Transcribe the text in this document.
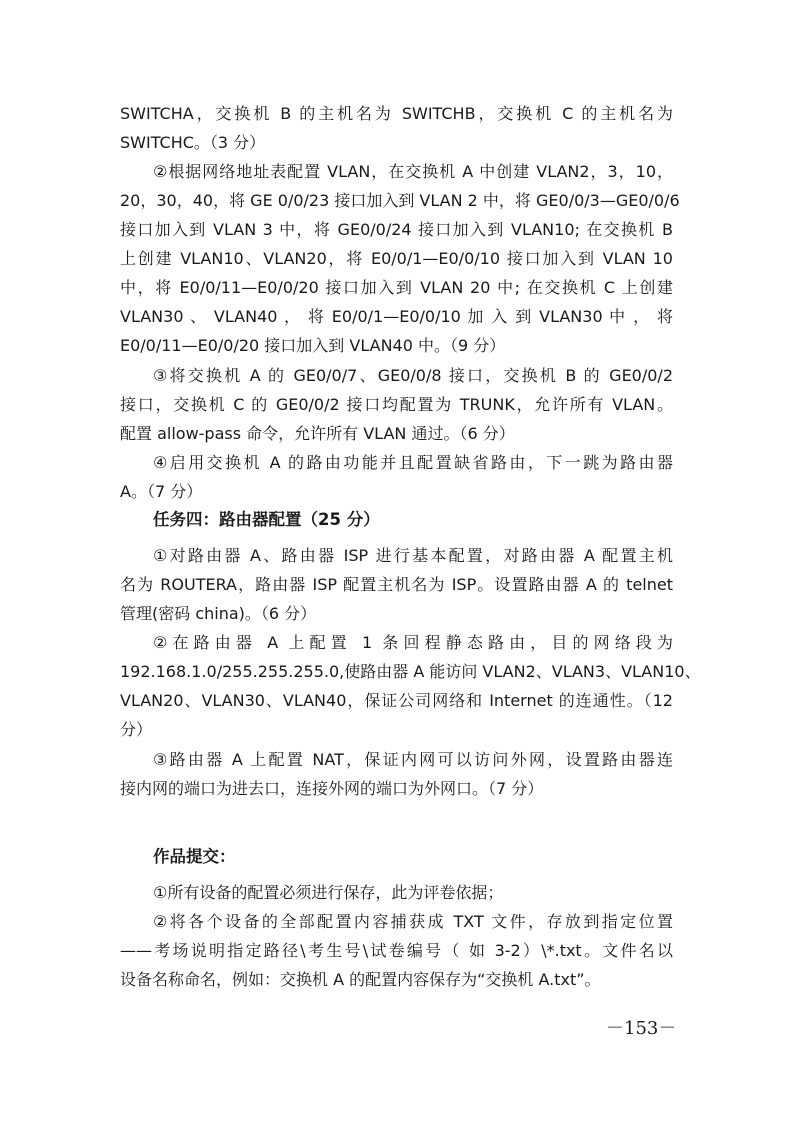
SWITCHA，交换机 B 的主机名为 SWITCHB，交换机 C 的主机名为
SWITCHC。（3 分）
②根据网络地址表配置 VLAN，在交换机 A 中创建 VLAN2，3，10，
20，30，40，将 GE 0/0/23 接口加入到 VLAN 2 中，将 GE0/0/3—GE0/0/6
接口加入到 VLAN 3 中，将 GE0/0/24 接口加入到 VLAN10; 在交换机 B
上创建 VLAN10、VLAN20，将 E0/0/1—E0/0/10 接口加入到 VLAN 10
中，将 E0/0/11—E0/0/20 接口加入到 VLAN 20 中; 在交换机 C 上创建
VLAN30 、 VLAN40 ， 将 E0/0/1—E0/0/10 加 入 到 VLAN30 中 ， 将
E0/0/11—E0/0/20 接口加入到 VLAN40 中。（9 分）
③将交换机 A 的 GE0/0/7、GE0/0/8 接口，交换机 B 的 GE0/0/2
接口，交换机 C 的 GE0/0/2 接口均配置为 TRUNK，允许所有 VLAN。
配置 allow-pass 命令，允许所有 VLAN 通过。（6 分）
④启用交换机 A 的路由功能并且配置缺省路由，下一跳为路由器
A。（7 分）
任务四：路由器配置（25 分）
①对路由器 A、路由器 ISP 进行基本配置，对路由器 A 配置主机
名为 ROUTERA，路由器 ISP 配置主机名为 ISP。设置路由器 A 的 telnet
管理(密码 china)。（6 分）
②在路由器 A 上配置 1 条回程静态路由，目的网络段为
192.168.1.0/255.255.255.0,使路由器 A 能访问 VLAN2、VLAN3、VLAN10、
VLAN20、VLAN30、VLAN40，保证公司网络和 Internet 的连通性。（12
分）
③路由器 A 上配置 NAT，保证内网可以访问外网，设置路由器连
接内网的端口为进去口，连接外网的端口为外网口。（7 分）
作品提交：
①所有设备的配置必须进行保存，此为评卷依据；
②将各个设备的全部配置内容捕获成 TXT 文件，存放到指定位置
——考场说明指定路径\考生号\试卷编号（ 如 3-2）\*.txt。文件名以
设备名称命名，例如：交换机 A 的配置内容保存为“交换机 A.txt”。
－153－
